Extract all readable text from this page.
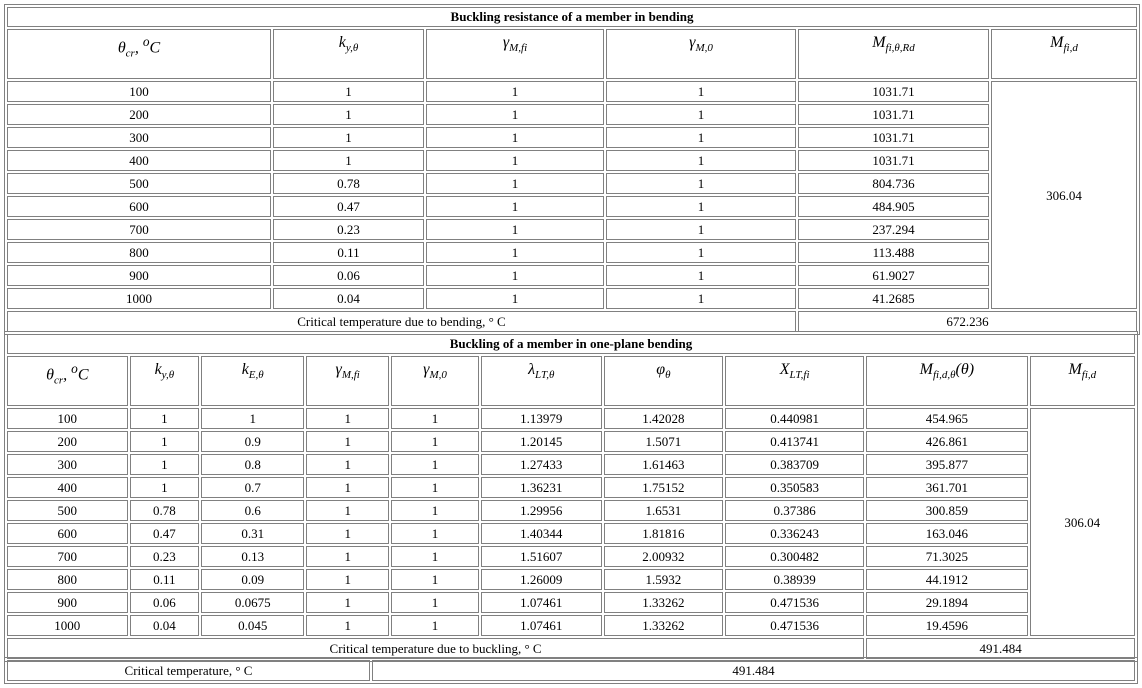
Buckling resistance of a member in bending					
$\theta_{cr}$, $^o$C	$k_{y,\theta}$	$\gamma_{M,fi}$	$\gamma_{M,0}$	$M_{fi,\theta,Rd}$	$M_{fi,d}$
100	1	1	1	1031.71	306.04
200	1	1	1	1031.71	
300	1	1	1	1031.71	
400	1	1	1	1031.71	
500	0.78	1	1	804.736	
600	0.47	1	1	484.905	
700	0.23	1	1	237.294	
800	0.11	1	1	113.488	
900	0.06	1	1	61.9027	
1000	0.04	1	1	41.2685	
Critical temperature due to bending, ° C				672.236	
Buckling of a member in one-plane bending									
$\theta_{cr}$, $^o$C	$k_{y,\theta}$	$k_{E,\theta}$	$\gamma_{M,fi}$	$\gamma_{M,0}$	$\lambda_{LT,\theta}$	$\varphi_\theta$	$X_{LT,fi}$	$M_{fi,d,\theta}(\theta)$	$M_{fi,d}$
100	1	1	1	1	1.13979	1.42028	0.440981	454.965	306.04
200	1	0.9	1	1	1.20145	1.5071	0.413741	426.861	
300	1	0.8	1	1	1.27433	1.61463	0.383709	395.877	
400	1	0.7	1	1	1.36231	1.75152	0.350583	361.701	
500	0.78	0.6	1	1	1.29956	1.6531	0.37386	300.859	
600	0.47	0.31	1	1	1.40344	1.81816	0.336243	163.046	
700	0.23	0.13	1	1	1.51607	2.00932	0.300482	71.3025	
800	0.11	0.09	1	1	1.26009	1.5932	0.38939	44.1912	
900	0.06	0.0675	1	1	1.07461	1.33262	0.471536	29.1894	
1000	0.04	0.045	1	1	1.07461	1.33262	0.471536	19.4596	
Critical temperature due to buckling, ° C								491.484	
Critical temperature, ° C	491.484
